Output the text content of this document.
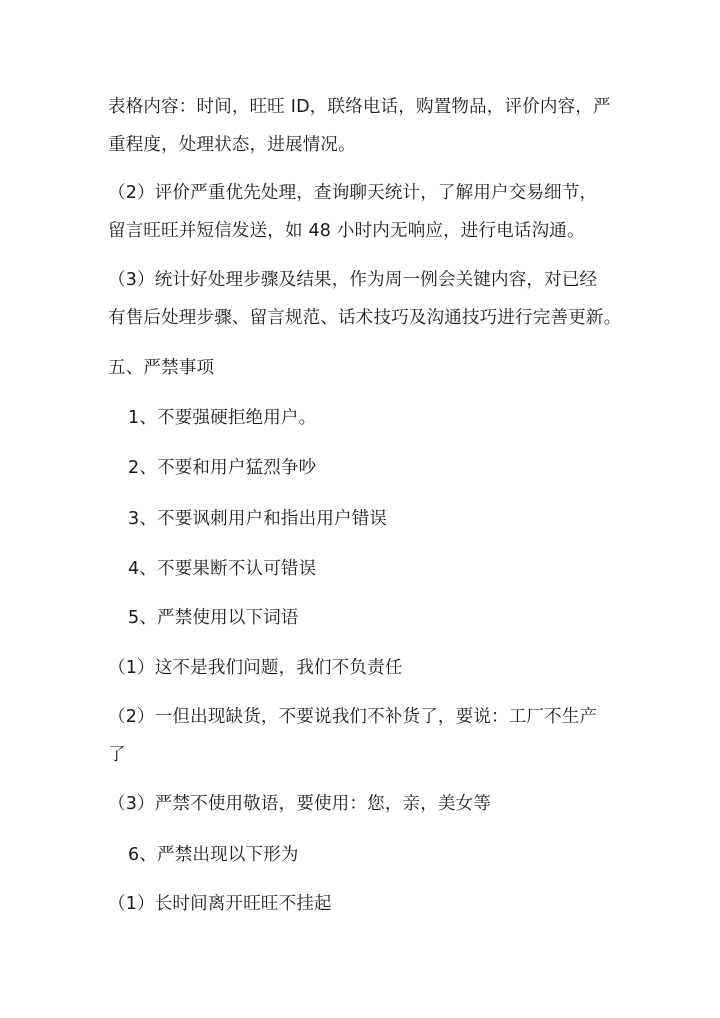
表格内容：时间，旺旺 ID，联络电话，购置物品，评价内容，严
重程度，处理状态，进展情况。
（2）评价严重优先处理，查询聊天统计，了解用户交易细节，
留言旺旺并短信发送，如 48 小时内无响应，进行电话沟通。
（3）统计好处理步骤及结果，作为周一例会关键内容，对已经
有售后处理步骤、留言规范、话术技巧及沟通技巧进行完善更新。
五、严禁事项
1、不要强硬拒绝用户。
2、不要和用户猛烈争吵
3、不要讽刺用户和指出用户错误
4、不要果断不认可错误
5、严禁使用以下词语
（1）这不是我们问题，我们不负责任
（2）一但出现缺货，不要说我们不补货了，要说：工厂不生产
了
（3）严禁不使用敬语，要使用：您，亲，美女等
6、严禁出现以下形为
（1）长时间离开旺旺不挂起
